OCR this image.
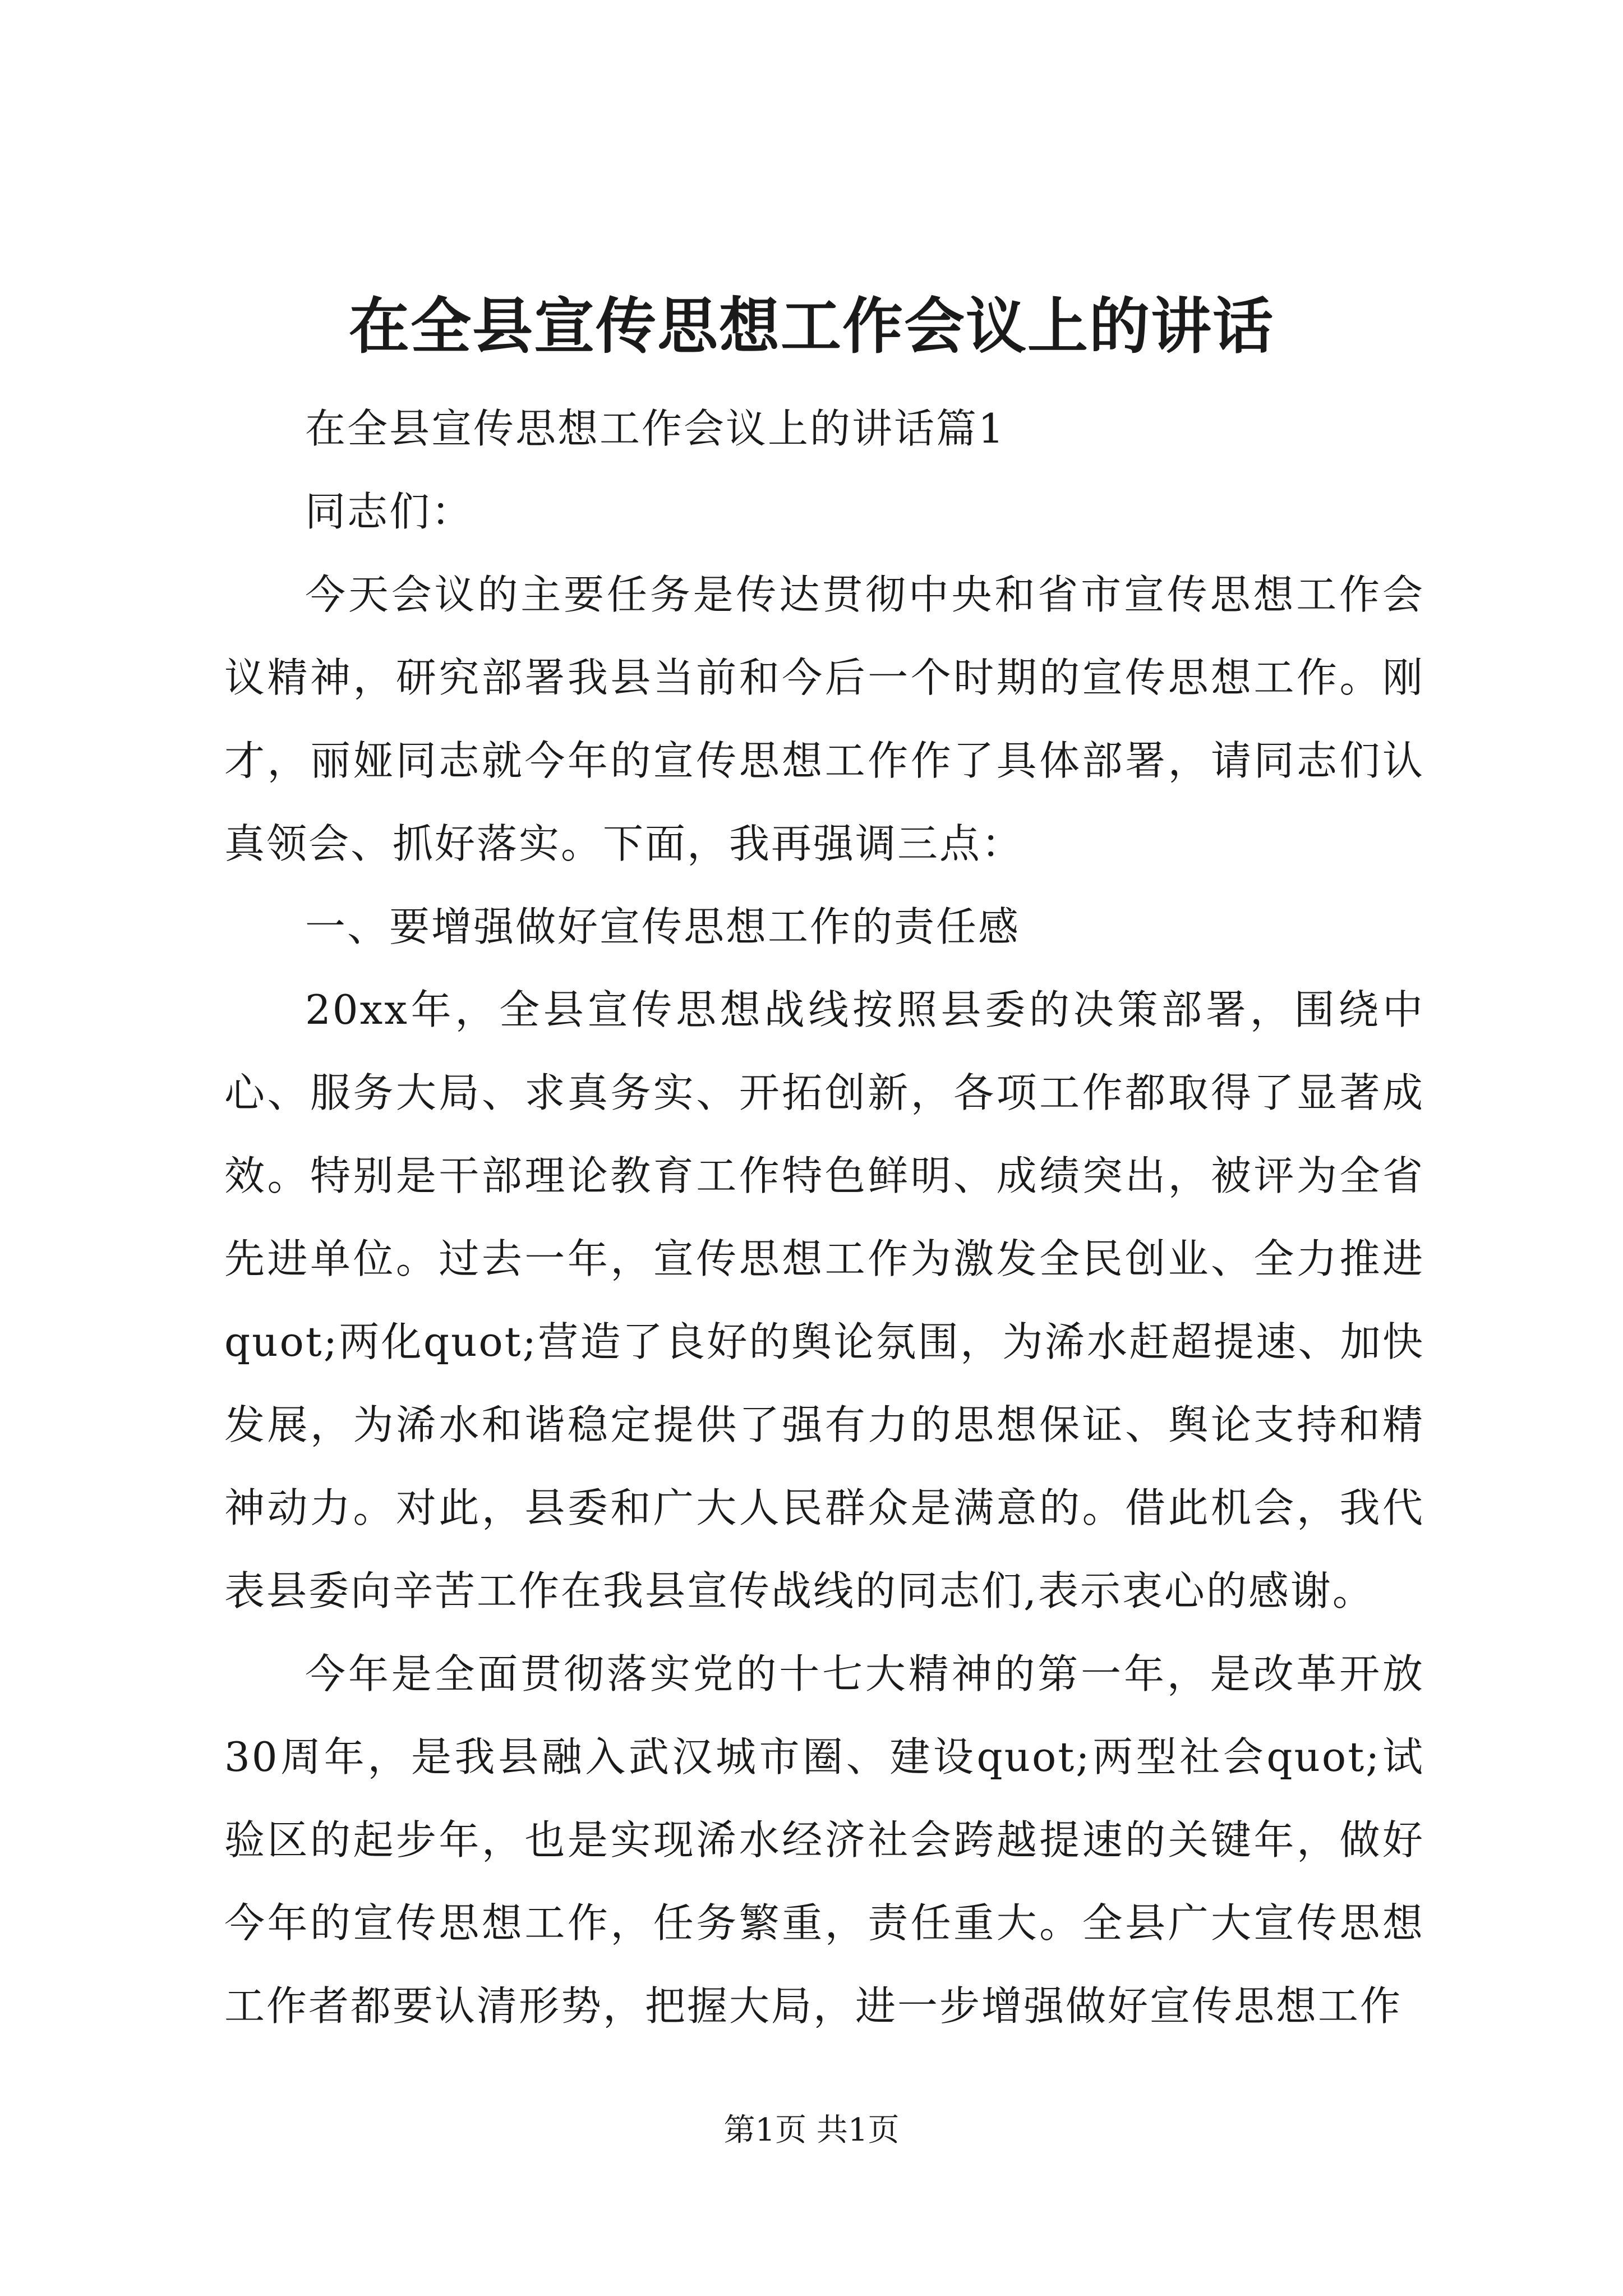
在全县宣传思想工作会议上的讲话

在全县宣传思想工作会议上的讲话篇1

同志们：

今天会议的主要任务是传达贯彻中央和省市宣传思想工作会议精神，研究部署我县当前和今后一个时期的宣传思想工作。刚才，丽娅同志就今年的宣传思想工作作了具体部署，请同志们认真领会、抓好落实。下面，我再强调三点：

一、要增强做好宣传思想工作的责任感

20xx年，全县宣传思想战线按照县委的决策部署，围绕中心、服务大局、求真务实、开拓创新，各项工作都取得了显著成效。特别是干部理论教育工作特色鲜明、成绩突出，被评为全省先进单位。过去一年，宣传思想工作为激发全民创业、全力推进quot;两化quot;营造了良好的舆论氛围，为浠水赶超提速、加快发展，为浠水和谐稳定提供了强有力的思想保证、舆论支持和精神动力。对此，县委和广大人民群众是满意的。借此机会，我代表县委向辛苦工作在我县宣传战线的同志们,表示衷心的感谢。

今年是全面贯彻落实党的十七大精神的第一年，是改革开放30周年，是我县融入武汉城市圈、建设quot;两型社会quot;试验区的起步年，也是实现浠水经济社会跨越提速的关键年，做好今年的宣传思想工作，任务繁重，责任重大。全县广大宣传思想工作者都要认清形势，把握大局，进一步增强做好宣传思想工作

第1页 共1页
